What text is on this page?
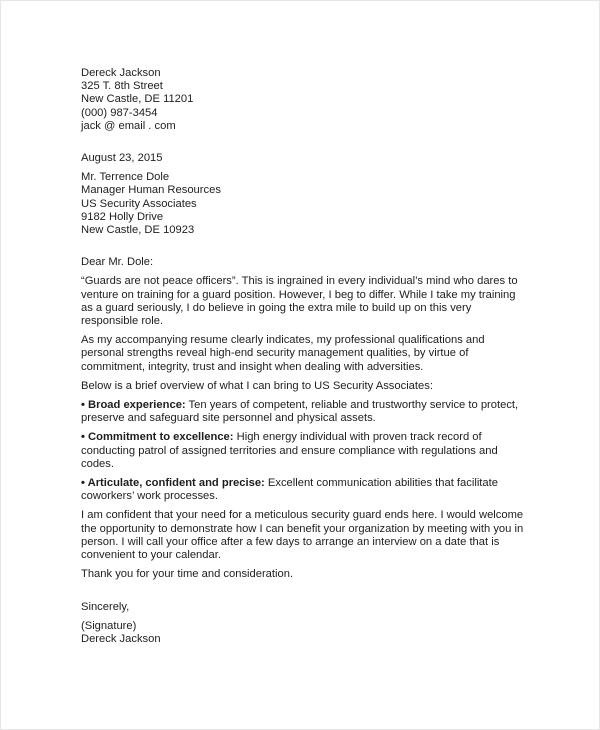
Dereck Jackson
325 T. 8th Street
New Castle, DE 11201
(000) 987-3454
jack @ email . com
August 23, 2015
Mr. Terrence Dole
Manager Human Resources
US Security Associates
9182 Holly Drive
New Castle, DE 10923
Dear Mr. Dole:
“Guards are not peace officers”. This is ingrained in every individual’s mind who dares to
venture on training for a guard position. However, I beg to differ. While I take my training
as a guard seriously, I do believe in going the extra mile to build up on this very
responsible role.
As my accompanying resume clearly indicates, my professional qualifications and
personal strengths reveal high-end security management qualities, by virtue of
commitment, integrity, trust and insight when dealing with adversities.
Below is a brief overview of what I can bring to US Security Associates:
• Broad experience: Ten years of competent, reliable and trustworthy service to protect,
preserve and safeguard site personnel and physical assets.
• Commitment to excellence: High energy individual with proven track record of
conducting patrol of assigned territories and ensure compliance with regulations and
codes.
• Articulate, confident and precise: Excellent communication abilities that facilitate
coworkers’ work processes.
I am confident that your need for a meticulous security guard ends here. I would welcome
the opportunity to demonstrate how I can benefit your organization by meeting with you in
person. I will call your office after a few days to arrange an interview on a date that is
convenient to your calendar.
Thank you for your time and consideration.
Sincerely,
(Signature)
Dereck Jackson
